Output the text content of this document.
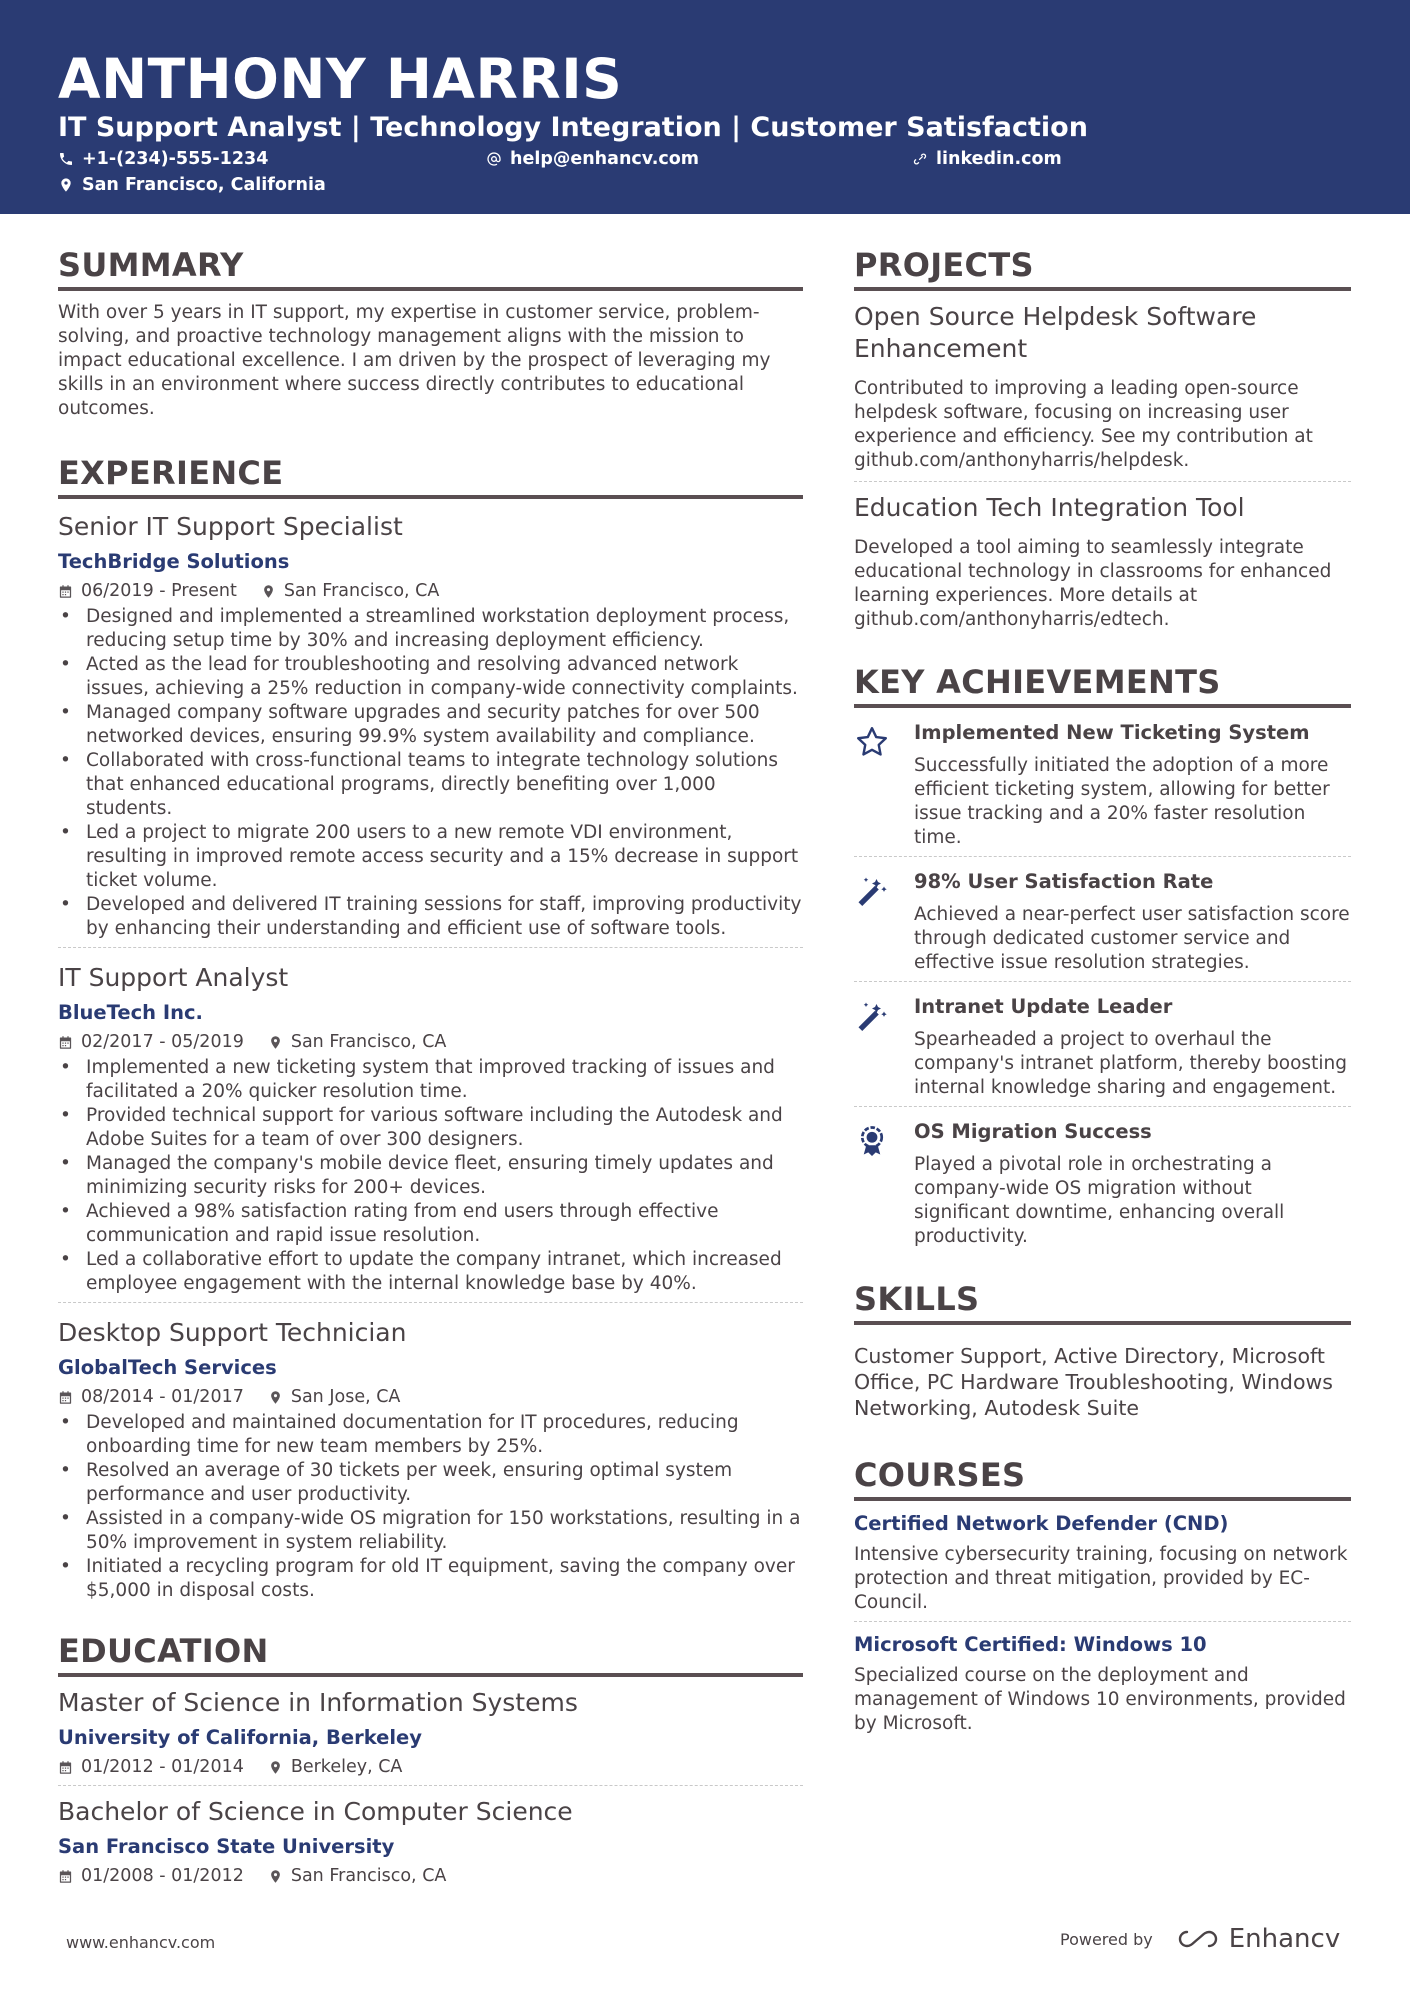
ANTHONY HARRIS
IT Support Analyst | Technology Integration | Customer Satisfaction
+1-(234)-555-1234	help@enhancv.com	linkedin.com
San Francisco, California
SUMMARY
With over 5 years in IT support, my expertise in customer service, problem-solving, and proactive technology management aligns with the mission to impact educational excellence. I am driven by the prospect of leveraging my skills in an environment where success directly contributes to educational outcomes.
EXPERIENCE
Senior IT Support Specialist
TechBridge Solutions
06/2019 - Present	San Francisco, CA
• Designed and implemented a streamlined workstation deployment process, reducing setup time by 30% and increasing deployment efficiency.
• Acted as the lead for troubleshooting and resolving advanced network issues, achieving a 25% reduction in company-wide connectivity complaints.
• Managed company software upgrades and security patches for over 500 networked devices, ensuring 99.9% system availability and compliance.
• Collaborated with cross-functional teams to integrate technology solutions that enhanced educational programs, directly benefiting over 1,000 students.
• Led a project to migrate 200 users to a new remote VDI environment, resulting in improved remote access security and a 15% decrease in support ticket volume.
• Developed and delivered IT training sessions for staff, improving productivity by enhancing their understanding and efficient use of software tools.
IT Support Analyst
BlueTech Inc.
02/2017 - 05/2019	San Francisco, CA
• Implemented a new ticketing system that improved tracking of issues and facilitated a 20% quicker resolution time.
• Provided technical support for various software including the Autodesk and Adobe Suites for a team of over 300 designers.
• Managed the company's mobile device fleet, ensuring timely updates and minimizing security risks for 200+ devices.
• Achieved a 98% satisfaction rating from end users through effective communication and rapid issue resolution.
• Led a collaborative effort to update the company intranet, which increased employee engagement with the internal knowledge base by 40%.
Desktop Support Technician
GlobalTech Services
08/2014 - 01/2017	San Jose, CA
• Developed and maintained documentation for IT procedures, reducing onboarding time for new team members by 25%.
• Resolved an average of 30 tickets per week, ensuring optimal system performance and user productivity.
• Assisted in a company-wide OS migration for 150 workstations, resulting in a 50% improvement in system reliability.
• Initiated a recycling program for old IT equipment, saving the company over $5,000 in disposal costs.
EDUCATION
Master of Science in Information Systems
University of California, Berkeley
01/2012 - 01/2014	Berkeley, CA
Bachelor of Science in Computer Science
San Francisco State University
01/2008 - 01/2012	San Francisco, CA
PROJECTS
Open Source Helpdesk Software Enhancement
Contributed to improving a leading open-source helpdesk software, focusing on increasing user experience and efficiency. See my contribution at github.com/anthonyharris/helpdesk.
Education Tech Integration Tool
Developed a tool aiming to seamlessly integrate educational technology in classrooms for enhanced learning experiences. More details at github.com/anthonyharris/edtech.
KEY ACHIEVEMENTS
Implemented New Ticketing System
Successfully initiated the adoption of a more efficient ticketing system, allowing for better issue tracking and a 20% faster resolution time.
98% User Satisfaction Rate
Achieved a near-perfect user satisfaction score through dedicated customer service and effective issue resolution strategies.
Intranet Update Leader
Spearheaded a project to overhaul the company's intranet platform, thereby boosting internal knowledge sharing and engagement.
OS Migration Success
Played a pivotal role in orchestrating a company-wide OS migration without significant downtime, enhancing overall productivity.
SKILLS
Customer Support, Active Directory, Microsoft Office, PC Hardware Troubleshooting, Windows Networking, Autodesk Suite
COURSES
Certified Network Defender (CND)
Intensive cybersecurity training, focusing on network protection and threat mitigation, provided by EC-Council.
Microsoft Certified: Windows 10
Specialized course on the deployment and management of Windows 10 environments, provided by Microsoft.
www.enhancv.com	Powered by	Enhancv
